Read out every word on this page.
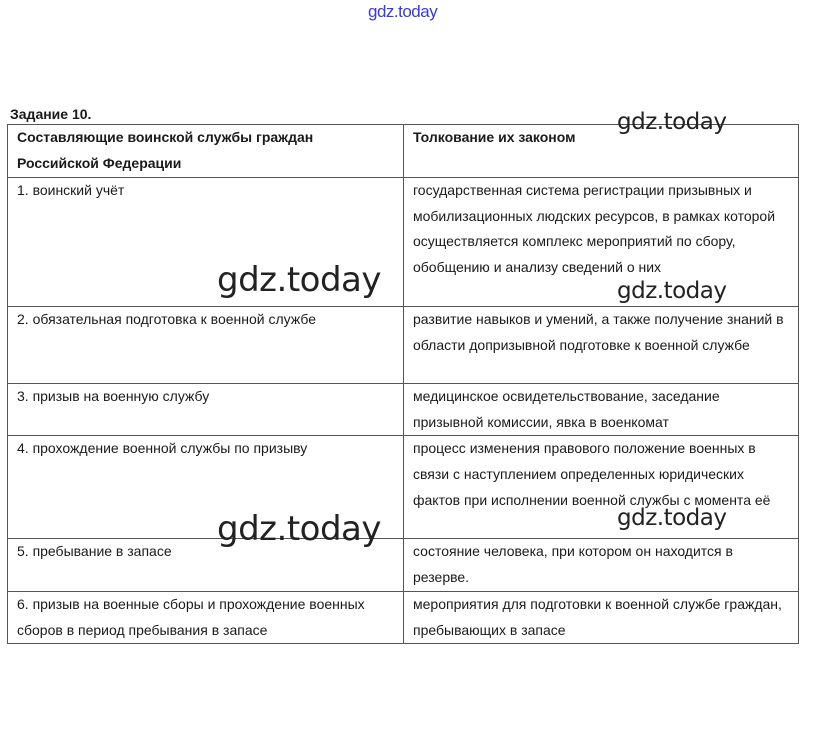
gdz.today
Задание 10.
Составляющие воинской службы граждан Российской Федерации	Толкование их законом
1. воинский учёт	государственная система регистрации призывных и мобилизационных людских ресурсов, в рамках которой осуществляется комплекс мероприятий по сбору, обобщению и анализу сведений о них
2. обязательная подготовка к военной службе	развитие навыков и умений, а также получение знаний в области допризывной подготовке к военной службе
3. призыв на военную службу	медицинское освидетельствование, заседание призывной комиссии, явка в военкомат
4. прохождение военной службы по призыву	процесс изменения правового положение военных в связи с наступлением определенных юридических фактов при исполнении военной службы с момента её
5. пребывание в запасе	состояние человека, при котором он находится в резерве.
6. призыв на военные сборы и прохождение военных сборов в период пребывания в запасе	мероприятия для подготовки к военной службе граждан, пребывающих в запасе
gdz.today
gdz.today	gdz.today
gdz.today	gdz.today
